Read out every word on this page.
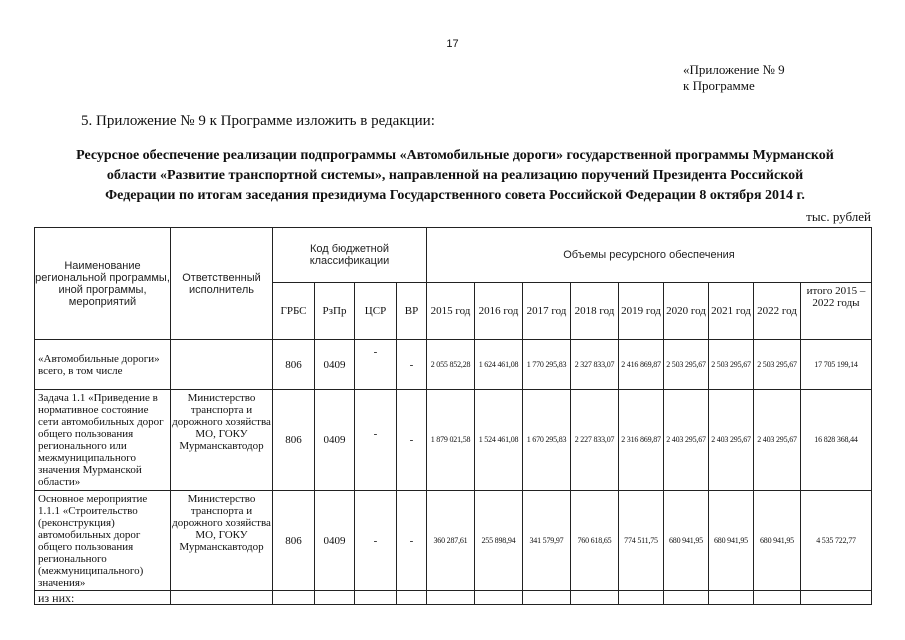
17
«Приложение № 9
к Программе
5. Приложение № 9 к Программе изложить в редакции:
Ресурсное обеспечение реализации подпрограммы «Автомобильные дороги» государственной программы Мурманской
области «Развитие транспортной системы», направленной на реализацию поручений Президента Российской
Федерации по итогам заседания президиума Государственного совета Российской Федерации 8 октября 2014 г.
тыс. рублей
Наименование региональной программы, иной программы, мероприятий	Ответственный исполнитель	Код бюджетной классификации				Объемы ресурсного обеспечения								
		ГРБС	РзПр	ЦСР	ВР	2015 год	2016 год	2017 год	2018 год	2019 год	2020 год	2021 год	2022 год	итого 2015 – 2022 годы
«Автомобильные дороги» всего, в том числе		806	0409	-	-	2 055 852,28	1 624 461,08	1 770 295,83	2 327 833,07	2 416 869,87	2 503 295,67	2 503 295,67	2 503 295,67	17 705 199,14
Задача 1.1 «Приведение в нормативное состояние сети автомобильных дорог общего пользования регионального или межмуниципального значения Мурманской области»	Министерство транспорта и дорожного хозяйства МО, ГОКУ Мурманскавтодор	806	0409	-	-	1 879 021,58	1 524 461,08	1 670 295,83	2 227 833,07	2 316 869,87	2 403 295,67	2 403 295,67	2 403 295,67	16 828 368,44
Основное мероприятие 1.1.1 «Строительство (реконструкция) автомобильных дорог общего пользования регионального (межмуниципального) значения»	Министерство транспорта и дорожного хозяйства МО, ГОКУ Мурманскавтодор	806	0409	-	-	360 287,61	255 898,94	341 579,97	760 618,65	774 511,75	680 941,95	680 941,95	680 941,95	4 535 722,77
из них:														
